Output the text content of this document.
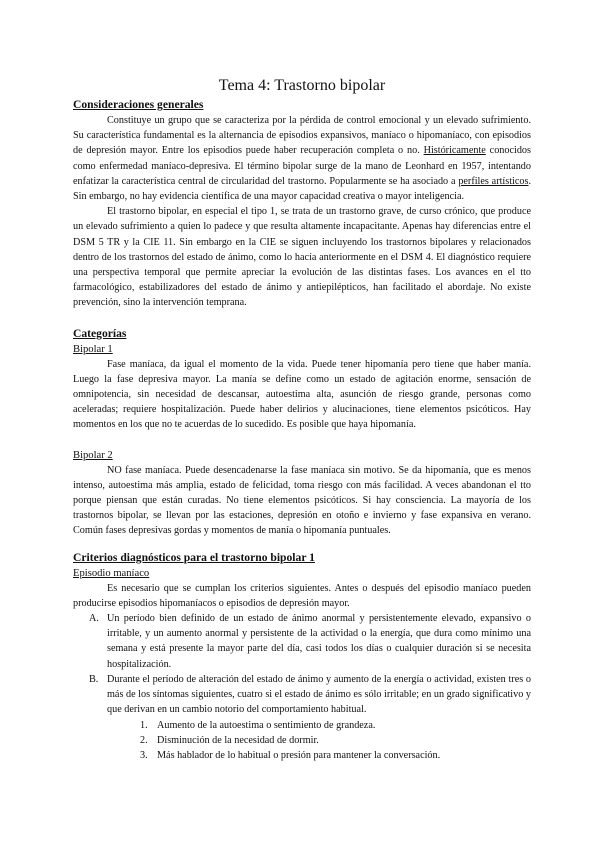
Tema 4: Trastorno bipolar
Consideraciones generales

Constituye un grupo que se caracteriza por la pérdida de control emocional y un elevado sufrimiento. Su característica fundamental es la alternancia de episodios expansivos, maníaco o hipomaníaco, con episodios de depresión mayor. Entre los episodios puede haber recuperación completa o no. Históricamente conocidos como enfermedad maníaco-depresiva. El término bipolar surge de la mano de Leonhard en 1957, intentando enfatizar la característica central de circularidad del trastorno. Popularmente se ha asociado a perfiles artísticos. Sin embargo, no hay evidencia científica de una mayor capacidad creativa o mayor inteligencia.

El trastorno bipolar, en especial el tipo 1, se trata de un trastorno grave, de curso crónico, que produce un elevado sufrimiento a quien lo padece y que resulta altamente incapacitante. Apenas hay diferencias entre el DSM 5 TR y la CIE 11. Sin embargo en la CIE se siguen incluyendo los trastornos bipolares y relacionados dentro de los trastornos del estado de ánimo, como lo hacía anteriormente en el DSM 4. El diagnóstico requiere una perspectiva temporal que permite apreciar la evolución de las distintas fases. Los avances en el tto farmacológico, estabilizadores del estado de ánimo y antiepilépticos, han facilitado el abordaje. No existe prevención, sino la intervención temprana.

Categorías
Bipolar 1

Fase maníaca, da igual el momento de la vida. Puede tener hipomanía pero tiene que haber manía. Luego la fase depresiva mayor. La manía se define como un estado de agitación enorme, sensación de omnipotencia, sin necesidad de descansar, autoestima alta, asunción de riesgo grande, personas como aceleradas; requiere hospitalización. Puede haber delirios y alucinaciones, tiene elementos psicóticos. Hay momentos en los que no te acuerdas de lo sucedido. Es posible que haya hipomanía.

Bipolar 2

NO fase maníaca. Puede desencadenarse la fase maníaca sin motivo. Se da hipomanía, que es menos intenso, autoestima más amplia, estado de felicidad, toma riesgo con más facilidad. A veces abandonan el tto porque piensan que están curadas. No tiene elementos psicóticos. Si hay consciencia. La mayoría de los trastornos bipolar, se llevan por las estaciones, depresión en otoño e invierno y fase expansiva en verano. Común fases depresivas gordas y momentos de manía o hipomanía puntuales.

Criterios diagnósticos para el trastorno bipolar 1
Episodio maníaco

Es necesario que se cumplan los criterios siguientes. Antes o después del episodio maníaco pueden producirse episodios hipomaníacos o episodios de depresión mayor.

A. Un período bien definido de un estado de ánimo anormal y persistentemente elevado, expansivo o irritable, y un aumento anormal y persistente de la actividad o la energía, que dura como mínimo una semana y está presente la mayor parte del día, casi todos los días o cualquier duración si se necesita hospitalización.
B. Durante el período de alteración del estado de ánimo y aumento de la energía o actividad, existen tres o más de los síntomas siguientes, cuatro si el estado de ánimo es sólo irritable; en un grado significativo y que derivan en un cambio notorio del comportamiento habitual.
1. Aumento de la autoestima o sentimiento de grandeza.
2. Disminución de la necesidad de dormir.
3. Más hablador de lo habitual o presión para mantener la conversación.
